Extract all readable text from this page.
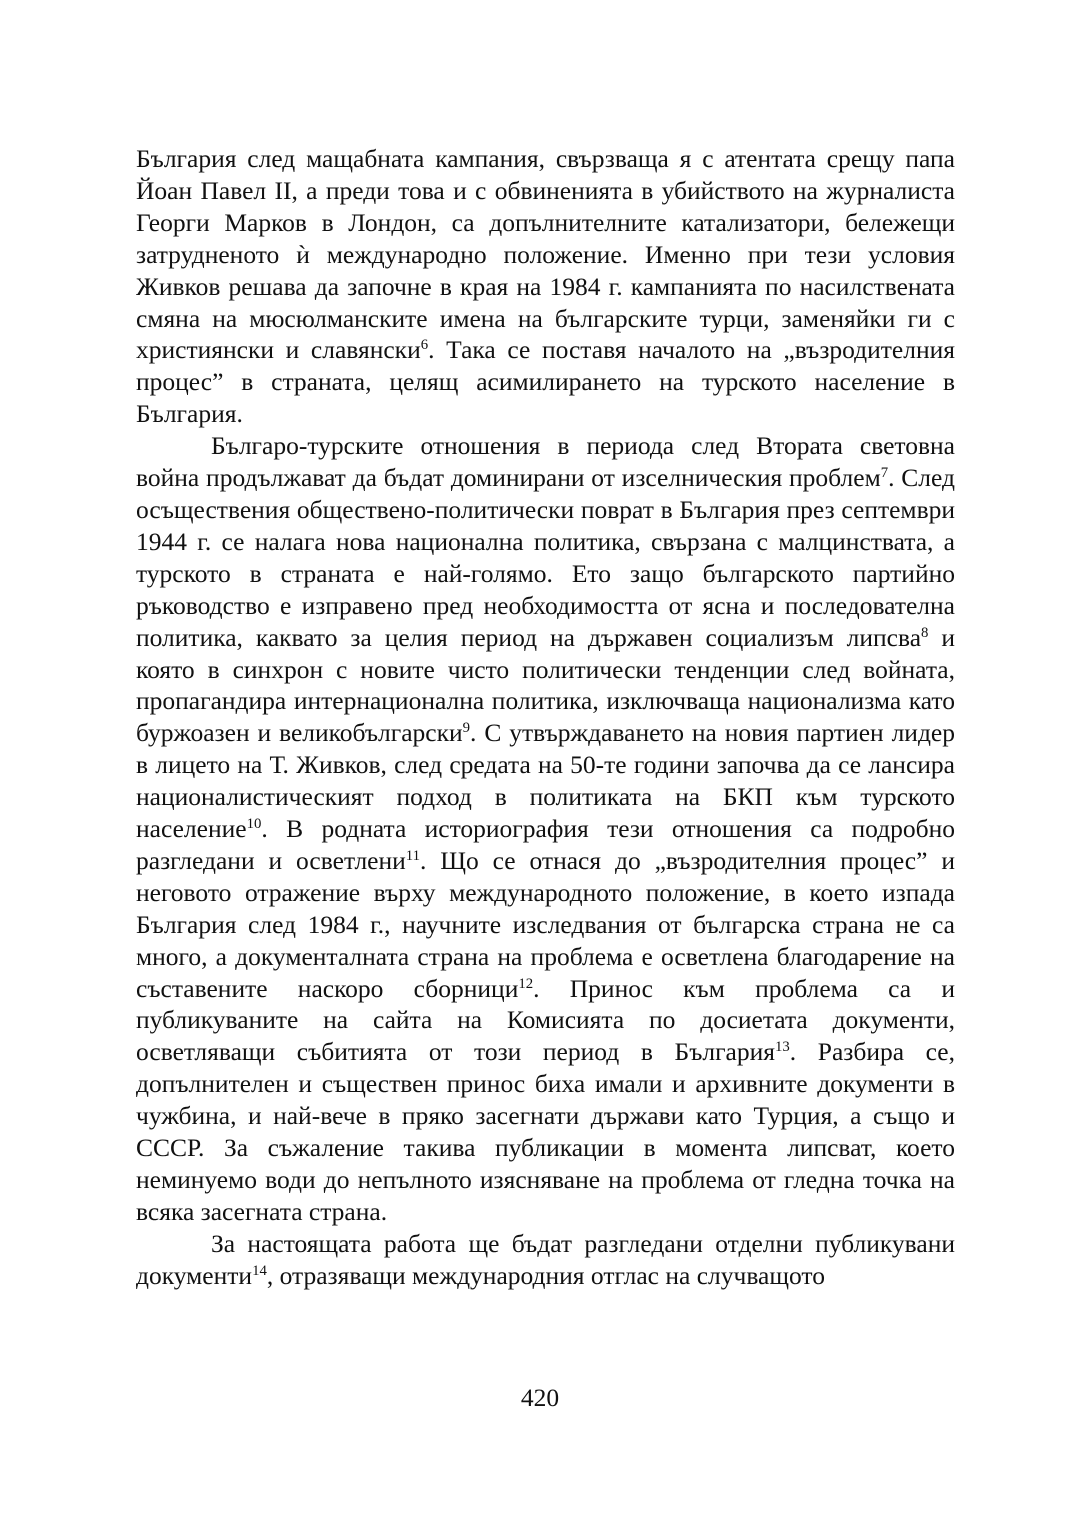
България след мащабната кампания, свързваща я с атентата срещу папа Йоан Павел II, а преди това и с обвиненията в убийството на журналиста Георги Марков в Лондон, са допълнителните катализатори, бележещи затрудненото ѝ международно положение. Именно при тези условия Живков решава да започне в края на 1984 г. кампанията по насилствената смяна на мюсюлманските имена на българските турци, заменяйки ги с християнски и славянски$^6$. Така се поставя началото на „възродителния процес” в страната, целящ асимилирането на турското население в България.

Българо-турските отношения в периода след Втората световна война продължават да бъдат доминирани от изселническия проблем$^7$. След осъществения обществено-политически поврат в България през септември 1944 г. се налага нова национална политика, свързана с малцинствата, а турското в страната е най-голямо. Ето защо българското партийно ръководство е изправено пред необходимостта от ясна и последователна политика, каквато за целия период на държавен социализъм липсва$^8$ и която в синхрон с новите чисто политически тенденции след войната, пропагандира интернационална политика, изключваща национализма като буржоазен и великобългарски$^9$. С утвърждаването на новия партиен лидер в лицето на Т. Живков, след средата на 50-те години започва да се лансира националистическият подход в политиката на БКП към турското население$^{10}$. В родната историография тези отношения са подробно разгледани и осветлени$^{11}$. Що се отнася до „възродителния процес” и неговото отражение върху международното положение, в което изпада България след 1984 г., научните изследвания от българска страна не са много, а документалната страна на проблема е осветлена благодарение на съставените наскоро сборници$^{12}$. Принос към проблема са и публикуваните на сайта на Комисията по досиетата документи, осветляващи събитията от този период в България$^{13}$. Разбира се, допълнителен и съществен принос биха имали и архивните документи в чужбина, и най-вече в пряко засегнати държави като Турция, а също и СССР. За съжаление такива публикации в момента липсват, което неминуемо води до непълното изясняване на проблема от гледна точка на всяка засегната страна.

За настоящата работа ще бъдат разгледани отделни публикувани документи$^{14}$, отразяващи международния отглас на случващото

420
